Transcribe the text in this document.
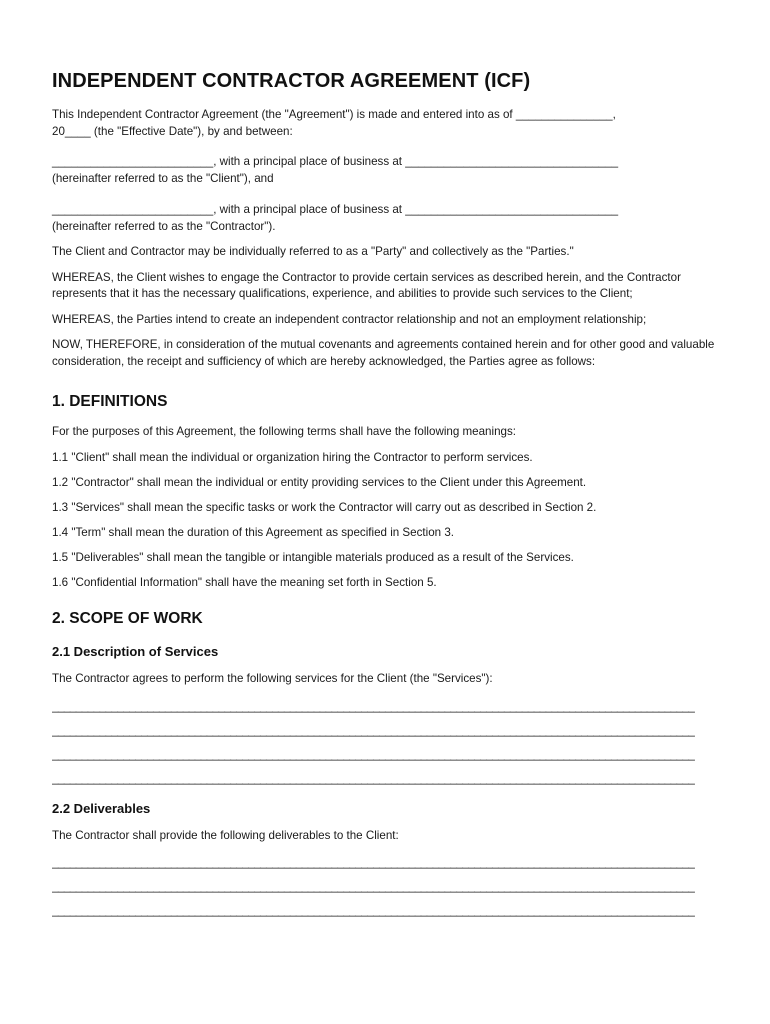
INDEPENDENT CONTRACTOR AGREEMENT (ICF)

This Independent Contractor Agreement (the "Agreement") is made and entered into as of _______________,
20____ (the "Effective Date"), by and between:

_________________________, with a principal place of business at _________________________________
(hereinafter referred to as the "Client"), and

_________________________, with a principal place of business at _________________________________
(hereinafter referred to as the "Contractor").

The Client and Contractor may be individually referred to as a "Party" and collectively as the "Parties."

WHEREAS, the Client wishes to engage the Contractor to provide certain services as described herein, and the Contractor represents that it has the necessary qualifications, experience, and abilities to provide such services to the Client;

WHEREAS, the Parties intend to create an independent contractor relationship and not an employment relationship;

NOW, THEREFORE, in consideration of the mutual covenants and agreements contained herein and for other good and valuable consideration, the receipt and sufficiency of which are hereby acknowledged, the Parties agree as follows:

1. DEFINITIONS

For the purposes of this Agreement, the following terms shall have the following meanings:

1.1 "Client" shall mean the individual or organization hiring the Contractor to perform services.

1.2 "Contractor" shall mean the individual or entity providing services to the Client under this Agreement.

1.3 "Services" shall mean the specific tasks or work the Contractor will carry out as described in Section 2.

1.4 "Term" shall mean the duration of this Agreement as specified in Section 3.

1.5 "Deliverables" shall mean the tangible or intangible materials produced as a result of the Services.

1.6 "Confidential Information" shall have the meaning set forth in Section 5.

2. SCOPE OF WORK
2.1 Description of Services

The Contractor agrees to perform the following services for the Client (the "Services"):

____________________________________________________________________________________________________________
____________________________________________________________________________________________________________
____________________________________________________________________________________________________________
____________________________________________________________________________________________________________
2.2 Deliverables

The Contractor shall provide the following deliverables to the Client:

____________________________________________________________________________________________________________
____________________________________________________________________________________________________________
____________________________________________________________________________________________________________
